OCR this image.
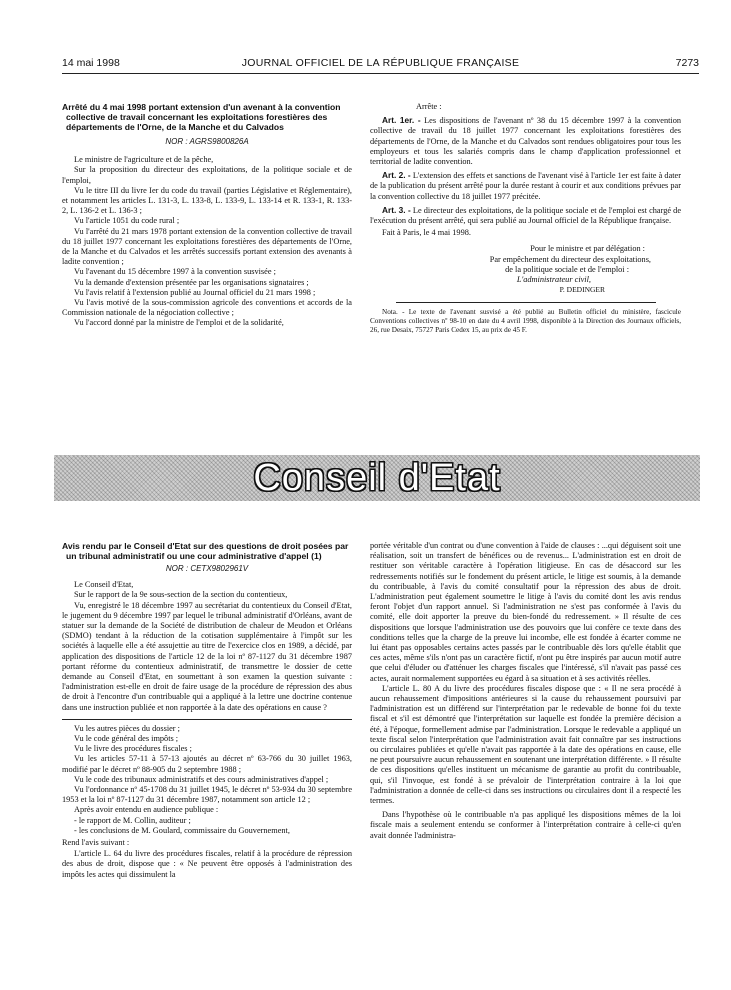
14 mai 1998	JOURNAL OFFICIEL DE LA RÉPUBLIQUE FRANÇAISE	7273
Arrêté du 4 mai 1998 portant extension d'un avenant à la convention collective de travail concernant les exploitations forestières des départements de l'Orne, de la Manche et du Calvados
NOR : AGRS9800826A

Le ministre de l'agriculture et de la pêche,

Sur la proposition du directeur des exploitations, de la politique sociale et de l'emploi,

Vu le titre III du livre Ier du code du travail (parties Législative et Réglementaire), et notamment les articles L. 131-3, L. 133-8, L. 133-9, L. 133-14 et R. 133-1, R. 133-2, L. 136-2 et L. 136-3 ;

Vu l'article 1051 du code rural ;

Vu l'arrêté du 21 mars 1978 portant extension de la convention collective de travail du 18 juillet 1977 concernant les exploitations forestières des départements de l'Orne, de la Manche et du Calvados et les arrêtés successifs portant extension des avenants à ladite convention ;

Vu l'avenant du 15 décembre 1997 à la convention susvisée ;

Vu la demande d'extension présentée par les organisations signataires ;

Vu l'avis relatif à l'extension publié au Journal officiel du 21 mars 1998 ;

Vu l'avis motivé de la sous-commission agricole des conventions et accords de la Commission nationale de la négociation collective ;

Vu l'accord donné par la ministre de l'emploi et de la solidarité,

Arrête :

Art. 1er. - Les dispositions de l'avenant nº 38 du 15 décembre 1997 à la convention collective de travail du 18 juillet 1977 concernant les exploitations forestières des départements de l'Orne, de la Manche et du Calvados sont rendues obligatoires pour tous les employeurs et tous les salariés compris dans le champ d'application professionnel et territorial de ladite convention.

Art. 2. - L'extension des effets et sanctions de l'avenant visé à l'article 1er est faite à dater de la publication du présent arrêté pour la durée restant à courir et aux conditions prévues par la convention collective du 18 juillet 1977 précitée.

Art. 3. - Le directeur des exploitations, de la politique sociale et de l'emploi est chargé de l'exécution du présent arrêté, qui sera publié au Journal officiel de la République française.

Fait à Paris, le 4 mai 1998.

Pour le ministre et par délégation :
Par empêchement du directeur des exploitations,
de la politique sociale et de l'emploi :
L'administrateur civil,
P. DEDINGER

Nota. - Le texte de l'avenant susvisé a été publié au Bulletin officiel du ministère, fascicule Conventions collectives nº 98-10 en date du 4 avril 1998, disponible à la Direction des Journaux officiels, 26, rue Desaix, 75727 Paris Cedex 15, au prix de 45 F.

Conseil d'Etat
Avis rendu par le Conseil d'Etat sur des questions de droit posées par un tribunal administratif ou une cour administrative d'appel (1)
NOR : CETX9802961V

Le Conseil d'Etat,

Sur le rapport de la 9e sous-section de la section du contentieux,

Vu, enregistré le 18 décembre 1997 au secrétariat du contentieux du Conseil d'Etat, le jugement du 9 décembre 1997 par lequel le tribunal administratif d'Orléans, avant de statuer sur la demande de la Société de distribution de chaleur de Meudon et Orléans (SDMO) tendant à la réduction de la cotisation supplémentaire à l'impôt sur les sociétés à laquelle elle a été assujettie au titre de l'exercice clos en 1989, a décidé, par application des dispositions de l'article 12 de la loi nº 87-1127 du 31 décembre 1987 portant réforme du contentieux administratif, de transmettre le dossier de cette demande au Conseil d'Etat, en soumettant à son examen la question suivante : l'administration est-elle en droit de faire usage de la procédure de répression des abus de droit à l'encontre d'un contribuable qui a appliqué à la lettre une doctrine contenue dans une instruction publiée et non rapportée à la date des opérations en cause ?

Vu les autres pièces du dossier ;

Vu le code général des impôts ;

Vu le livre des procédures fiscales ;

Vu les articles 57-11 à 57-13 ajoutés au décret nº 63-766 du 30 juillet 1963, modifié par le décret nº 88-905 du 2 septembre 1988 ;

Vu le code des tribunaux administratifs et des cours administratives d'appel ;

Vu l'ordonnance nº 45-1708 du 31 juillet 1945, le décret nº 53-934 du 30 septembre 1953 et la loi nº 87-1127 du 31 décembre 1987, notamment son article 12 ;

Après avoir entendu en audience publique :

- le rapport de M. Collin, auditeur ;

- les conclusions de M. Goulard, commissaire du Gouvernement,

Rend l'avis suivant :

L'article L. 64 du livre des procédures fiscales, relatif à la procédure de répression des abus de droit, dispose que : « Ne peuvent être opposés à l'administration des impôts les actes qui dissimulent la

portée véritable d'un contrat ou d'une convention à l'aide de clauses : ...qui déguisent soit une réalisation, soit un transfert de bénéfices ou de revenus... L'administration est en droit de restituer son véritable caractère à l'opération litigieuse. En cas de désaccord sur les redressements notifiés sur le fondement du présent article, le litige est soumis, à la demande du contribuable, à l'avis du comité consultatif pour la répression des abus de droit. L'administration peut également soumettre le litige à l'avis du comité dont les avis rendus feront l'objet d'un rapport annuel. Si l'administration ne s'est pas conformée à l'avis du comité, elle doit apporter la preuve du bien-fondé du redressement. » Il résulte de ces dispositions que lorsque l'administration use des pouvoirs que lui confère ce texte dans des conditions telles que la charge de la preuve lui incombe, elle est fondée à écarter comme ne lui étant pas opposables certains actes passés par le contribuable dès lors qu'elle établit que ces actes, même s'ils n'ont pas un caractère fictif, n'ont pu être inspirés par aucun motif autre que celui d'éluder ou d'atténuer les charges fiscales que l'intéressé, s'il n'avait pas passé ces actes, aurait normalement supportées eu égard à sa situation et à ses activités réelles.

L'article L. 80 A du livre des procédures fiscales dispose que : « Il ne sera procédé à aucun rehaussement d'impositions antérieures si la cause du rehaussement poursuivi par l'administration est un différend sur l'interprétation par le redevable de bonne foi du texte fiscal et s'il est démontré que l'interprétation sur laquelle est fondée la première décision a été, à l'époque, formellement admise par l'administration. Lorsque le redevable a appliqué un texte fiscal selon l'interprétation que l'administration avait fait connaître par ses instructions ou circulaires publiées et qu'elle n'avait pas rapportée à la date des opérations en cause, elle ne peut poursuivre aucun rehaussement en soutenant une interprétation différente. » Il résulte de ces dispositions qu'elles instituent un mécanisme de garantie au profit du contribuable, qui, s'il l'invoque, est fondé à se prévaloir de l'interprétation contraire à la loi que l'administration a donnée de celle-ci dans ses instructions ou circulaires dont il a respecté les termes.

Dans l'hypothèse où le contribuable n'a pas appliqué les dispositions mêmes de la loi fiscale mais a seulement entendu se conformer à l'interprétation contraire à celle-ci qu'en avait donnée l'administra-
